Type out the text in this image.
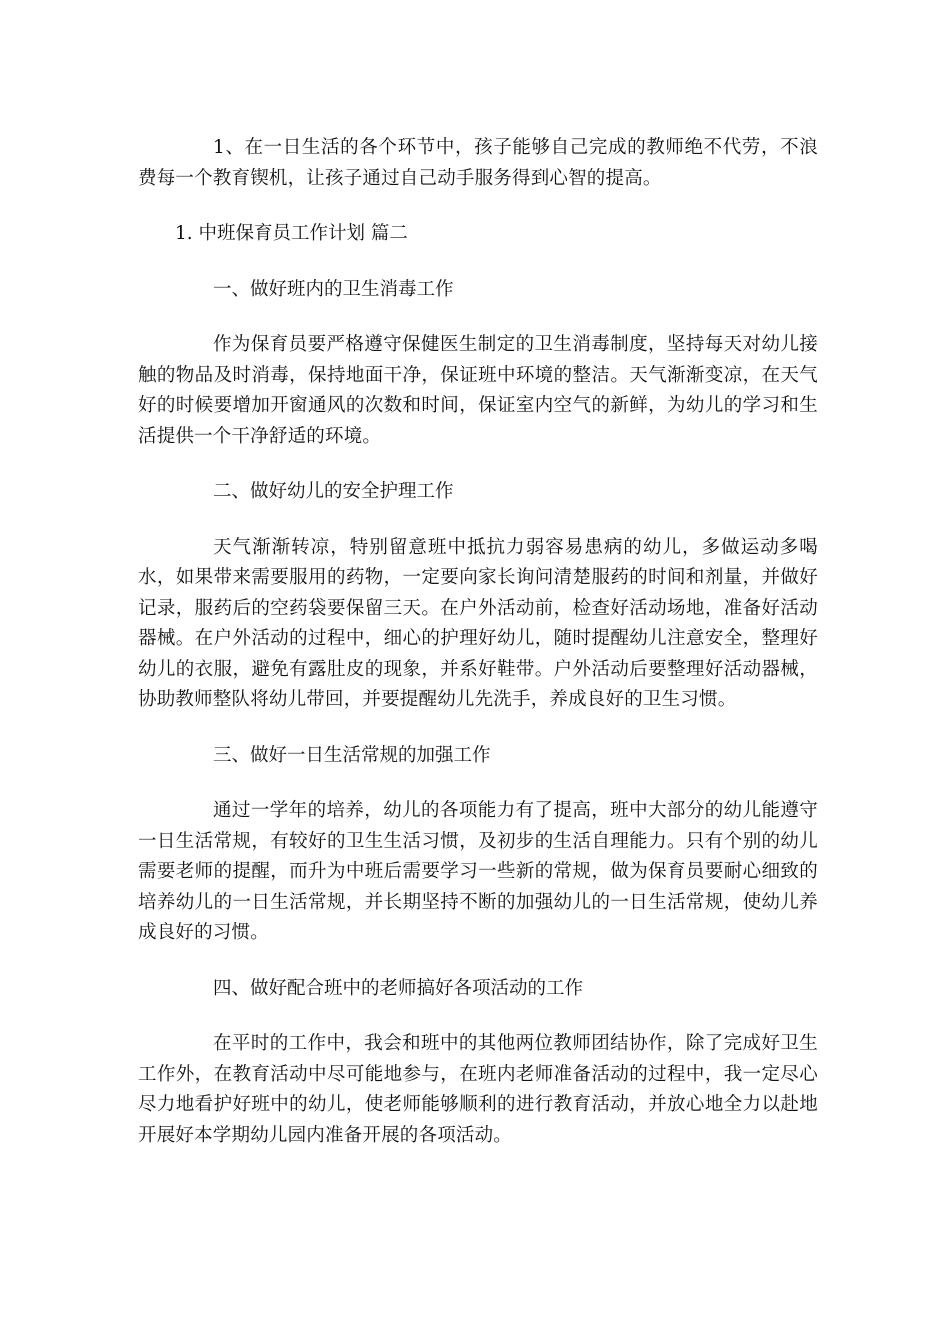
1、在一日生活的各个环节中，孩子能够自己完成的教师绝不代劳，不浪费每一个教育锲机，让孩子通过自己动手服务得到心智的提高。

1. 中班保育员工作计划 篇二

一、做好班内的卫生消毒工作

作为保育员要严格遵守保健医生制定的卫生消毒制度，坚持每天对幼儿接触的物品及时消毒，保持地面干净，保证班中环境的整洁。天气渐渐变凉，在天气好的时候要增加开窗通风的次数和时间，保证室内空气的新鲜，为幼儿的学习和生活提供一个干净舒适的环境。

二、做好幼儿的安全护理工作

天气渐渐转凉，特别留意班中抵抗力弱容易患病的幼儿，多做运动多喝水，如果带来需要服用的药物，一定要向家长询问清楚服药的时间和剂量，并做好记录，服药后的空药袋要保留三天。在户外活动前，检查好活动场地，准备好活动器械。在户外活动的过程中，细心的护理好幼儿，随时提醒幼儿注意安全，整理好幼儿的衣服，避免有露肚皮的现象，并系好鞋带。户外活动后要整理好活动器械，协助教师整队将幼儿带回，并要提醒幼儿先洗手，养成良好的卫生习惯。

三、做好一日生活常规的加强工作

通过一学年的培养，幼儿的各项能力有了提高，班中大部分的幼儿能遵守一日生活常规，有较好的卫生生活习惯，及初步的生活自理能力。只有个别的幼儿需要老师的提醒，而升为中班后需要学习一些新的常规，做为保育员要耐心细致的培养幼儿的一日生活常规，并长期坚持不断的加强幼儿的一日生活常规，使幼儿养成良好的习惯。

四、做好配合班中的老师搞好各项活动的工作

在平时的工作中，我会和班中的其他两位教师团结协作，除了完成好卫生工作外，在教育活动中尽可能地参与，在班内老师准备活动的过程中，我一定尽心尽力地看护好班中的幼儿，使老师能够顺利的进行教育活动，并放心地全力以赴地开展好本学期幼儿园内准备开展的各项活动。
